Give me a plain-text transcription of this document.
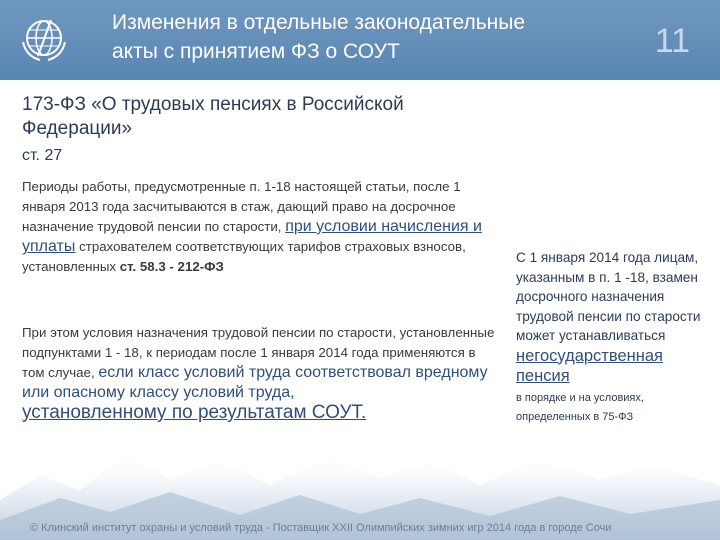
Изменения в отдельные законодательные
акты с принятием ФЗ о СОУТ	11
173-ФЗ «О трудовых пенсиях в Российской
Федерации»
ст. 27
Периоды работы, предусмотренные п. 1-18 настоящей статьи, после 1 января 2013 года засчитываются в стаж, дающий право на досрочное назначение трудовой пенсии по старости, при условии начисления и уплаты страхователем соответствующих тарифов страховых взносов, установленных ст. 58.3 - 212-ФЗ
При этом условия назначения трудовой пенсии по старости, установленные подпунктами 1 - 18, к периодам после 1 января 2014 года применяются в том случае, если класс условий труда соответствовал вредному или опасному классу условий труда,
установленному по результатам СОУТ.
С 1 января 2014 года лицам, указанным в п. 1 -18, взамен досрочного назначения трудовой пенсии по старости может устанавливаться
негосударственная пенсия
в порядке и на условиях, определенных в 75-ФЗ
© Клинский институт охраны и условий труда - Поставщик XXII Олимпийских зимних игр 2014 года в городе Сочи
